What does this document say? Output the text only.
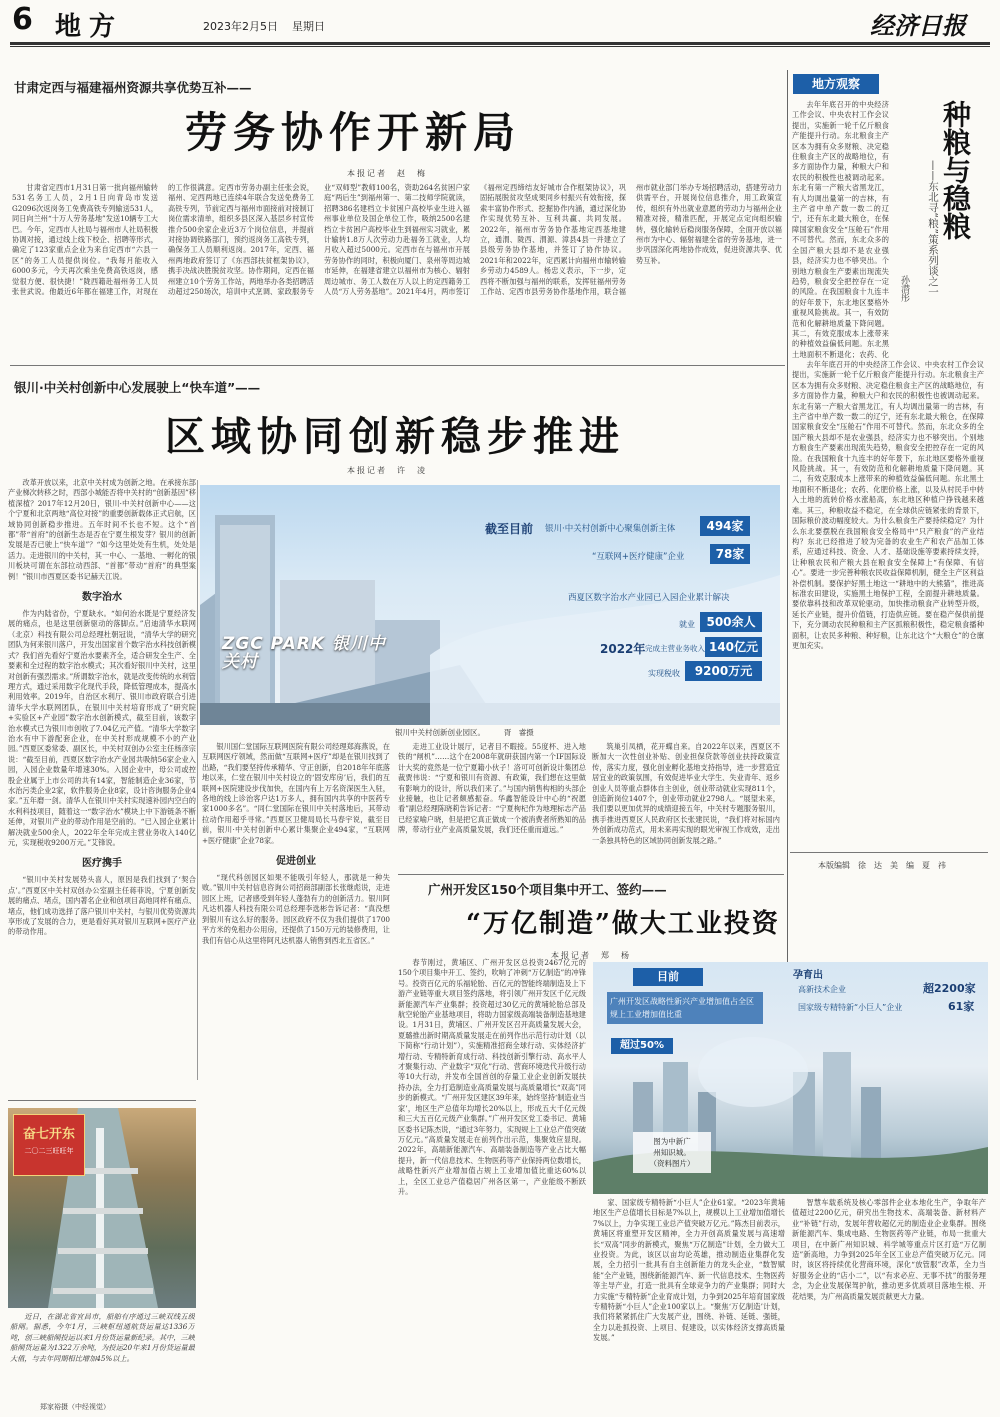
6 地方	2023年2月5日 星期日	经济日报
甘肃定西与福建福州资源共享优势互补——
劳务协作开新局
本报记者　赵　梅

甘肃省定西市1月31日第一批向福州输转531名务工人员，2月1日向青岛市发送G2096次返岗务工免费高铁专列输送531人，同日向兰州“十万人劳务基地”发送10辆专工大巴。今年，定西市人社局与福州市人社局积极协调对接，通过线上线下校企、招聘等形式，确定了123家重点企业为来自定西市“六县一区”的务工人员提供岗位。“我每月能收入6000多元，今天再次乘坐免费高铁返岗，感觉很方便、很快捷！”陇西籍赴福州务工人员张世武说。他最近6年都在福建工作，对现在的工作很满意。定西市劳务办副主任张会说，福州、定西两地已连续4年联合发送免费务工高铁专列，节前定西与福州市面接前对接制订岗位需求清单，组织多县区深入基层乡村宣传推介500余家企业近3万个岗位信息，并提前对接协调铁路部门，预约返岗务工高铁专列，确保务工人员顺利返岗。2017年，定西、福州两地政府签订了《东西部扶贫框架协议》，携手决战决胜脱贫攻坚。协作期间，定西在福州建立10个劳务工作站，两地举办各类招聘活动超过250场次，培训中式烹调、家政服务专业“双师型”教师100名，资助264名贫困户家庭“两后生”到福州第一、第二技师学院就读，招聘386名建档立卡贫困户高校毕业生进入福州事业单位及国企单位工作，吸纳2500名建档立卡贫困户高校毕业生到福州实习就业，累计输转1.8万人次劳动力赴福务工就业，人均月收入超过5000元。定西市在与福州市开展劳务协作的同时，积极向厦门、泉州等周边城市延伸，在福建省建立以福州市为核心、辐射周边城市、务工人数在万人以上的定西籍务工人员“万人劳务基地”。2021年4月，两市签订《福州定西缔结友好城市合作框架协议》，巩固拓展脱贫攻坚成果同乡村振兴有效衔接，探索丰富协作形式、挖掘协作内涵，通过深化协作实现优势互补、互利共赢、共同发展。2022年，福州市劳务协作基地定西基地建立，通渭、陇西、渭源、漳县4县一并建立了县级劳务协作基地，并签订了协作协议。2021年和2022年，定西累计向福州市输转输乡劳动力4589人。杨忠义表示，下一步，定西将不断加强与福州的联系，发挥驻福州劳务工作站、定西市县劳务协作基地作用，联合福州市就业部门举办专场招聘活动，搭建劳动力供需平台，开展岗位信息推介，用工政策宣传，组织有外出就业意愿的劳动力与福州企业精准对接，精准匹配，开展定点定向组织输转，强化输转后稳岗服务保障，全面开放以福州市为中心、辐射福建全省的劳务基地，进一步巩固深化两地协作成效，促进资源共享、优势互补。

银川·中关村创新中心发展驶上“快车道”——
区域协同创新稳步推进
本报记者　许　凌

改革开放以来，北京中关村成为创新之地。在承接东部产业梯次转移之时，西部小城能否将中关村的“创新基因”移植深植？2017年12月20日，银川·中关村创新中心——这个宁夏和北京两地“高位对接”的重要创新载体正式启航，区域协同创新稳步推进。五年时间不长也不短。这个“首都”带“首府”的创新生态是否在宁夏生根发芽？银川的创新发展是否已驶上“快车道”？“如今这里处处有生机，处处是活力。走进银川的中关村，其一中心、一基地、一孵化的银川板块可谓在东部拉动西部、“首都”带动“首府”的典型案例！”银川市西夏区委书记赫天江说。

数字治水

作为内陆省份，宁夏缺水。“如何治水既是宁夏经济发展的痛点，也是这里创新驱动的落脚点。”启迪清华水联网（北京）科技有限公司总经理杜朝冠说，“清华大学的研究团队为何来银川落户，开发出国家首个数字治水科技创新模式？我们首先看好宁夏治水要素齐全，适合研发全生产、全要素和全过程的数字治水模式；其次看好银川中关村，这里对创新有强烈需求。”所谓数字治水，就是改变传统的水利管理方式，通过采用数字化现代手段，降低管理成本，提高水利用效率。2019年，自治区水利厅、银川市政府联合引进清华大学水联网团队，在银川中关村培育形成了“研究院+实验区+产业园”数字治水创新模式，截至目前，该数字治水模式已为银川市创收了7.04亿元产值。“清华大学数字治水有中下游配套企业，在中关村形成规模不小的产业园。”西夏区委常委、副区长，中关村双创办公室主任杨彦宗说：“截至目前，西夏区数字治水产业园共吸纳56家企业入园，入园企业数量年增速30%。入园企业中，母公司或控股企业属于上市公司的共有14家，智能制造企业36家，节水治污类企业2家，软件服务企业8家，设计咨询服务企业4家。”五年磨一剑。清华人在银川中关村实现速补园内空白的水利科技项目，随着这一“数字治水”模块上中下游链条不断延伸，对银川产业的带动作用是空前的。“已入园企业累计解决就业500余人，2022年全年完成主营业务收入140亿元，实现税收9200万元。”艾锋说。

医疗携手

“银川中关村发展势头喜人，原因是我们找到了‘契合点’。”西夏区中关村双创办公室副主任蒋菲说，宁夏创新发展的痛点、堵点，国内著名企业和创项目高地同样有痛点、堵点，他们成功选择了落户银川中关村，与银川优势资源共享形成了发展的合力，更是看好其对银川互联网+医疗产业的带动作用。

ZGC PARK 银川中关村
截至目前 银川·中关村创新中心聚集创新主体	494家
“互联网+医疗健康”企业	78家
西夏区数字治水产业园已入园企业累计解决
就业 500余人
2022年 完成主营业务收入 140亿元
实现税收	9200万元
银川中关村创新创业园区。　　　胥　睿摄

银川国仁堂国际互联网医院有限公司经理郑海燕说，在互联网医疗领域，然而做“互联网+医疗”却是在银川找到了出路，“我们要坚持传承精华、守正创新，自2018年年底落地以来，仁堂在银川中关村设立的‘固安库房’后，我们的互联网+医院建设步伐加快，在国内有上万名资深医生入驻，各地的线上诊治客户达1万多人，拥有国内共享的中医药专家1000多名”。“同仁堂国际在银川中关村落地后，其带动拉动作用超乎寻常。”西夏区卫健局局长马春宇说，截至目前，银川·中关村创新中心累计集聚企业494家，“互联网+医疗健康”企业78家。

促进创业

“现代科创园区如果不能吸引年轻人，那就是一种失败。”银川中关村信息咨询公司招商部副部长张继彪说，走进园区上班，记者感受到年轻人蓬勃有力的创新活力。银川阿凡达机器人科技有限公司总经理李选彬告诉记者：“真没想到银川有这么好的服务。园区政府不仅为我们提供了1700平方米的免租办公用房，还提供了150万元的装修费用，让我们有信心从这里将阿凡达机器人销售到西北五省区。”

走进工业设计展厅，记者目不暇接。55度杯、进入地铁的“闸机”……这个在2008年就研获国内第一个IF国际设计大奖的竟然是一位宁夏籍小伙子！洛可可创新设计集团总裁贾伟说：“宁夏和银川有资源、有政策，我们想在这里做有影响力的设计，所以我们来了。”与国内销售构相的头部企业接触，也让记者颇感振奋。华鑫智能设计中心的“祝愿看”副总经理陈晓莉告诉记者：“宁夏枸杞作为地理标志产品已经家喻户晓，但是把它真正做成一个被消费者所熟知的品牌，带动行业产业高质量发展，我们还任重而道远。”

筑巢引凤栖，花开蝶自来。自2022年以来，西夏区不断加大一次性创业补贴、创业担保贷款等创业扶持政策宣传，落实力度，强化创业孵化基地支持指导，进一步营造宜居宜业的政策氛围，有效促进毕业大学生、失业青年、返乡创业人员等重点群体自主创业，创业带动就业实现811个，创造新岗位1407个，创业带动就业2798人。“展望未来，我们要以更加优异的成绩迎接五年，中关村专题服务银川，携手推进西夏区人民政府区长张建民说，“我们将对标国内外创新成功范式，用未来再实现的眼光审视工作成效，走出一条独具特色的区域协同创新发展之路。”

地方观察
种粮与稳粮
——东北寻“粮”策系列谈之一
孙潜彤

去年年底召开的中央经济工作会议、中央农村工作会议提出，实施新一轮千亿斤粮食产能提升行动。东北粮食主产区本为拥有众多财粮、决定稳住粮食主产区的战略地位，有多方面协作力量，种粮大户和农民的积极性也被调动起来。东北有第一产粮大省黑龙江，有人均调出量第一的吉林，有主产省中单产数一数二的辽宁，还有东北最大粮仓，在保障国家粮食安全“压舱石”作用不可替代。然而，东北众多的全国产粮大县却不是农业强县，经济实力也不够突出。个别地方粮食生产要素出现流失趋势，粮食安全把控存在一定的风险。在我国粮食十九连丰的好年景下，东北地区要格外重视风险挑战。其一，有效防范和化解耕地质量下降问题。其二，有效克服成本上涨带来的种植效益偏低问题。东北黑土地面积不断退化；农药、化

去年年底召开的中央经济工作会议、中央农村工作会议提出，实施新一轮千亿斤粮食产能提升行动。东北粮食主产区本为拥有众多财粮、决定稳住粮食主产区的战略地位，有多方面协作力量，种粮大户和农民的积极性也被调动起来。东北有第一产粮大省黑龙江，有人均调出量第一的吉林，有主产省中单产数一数二的辽宁，还有东北最大粮仓，在保障国家粮食安全“压舱石”作用不可替代。然而，东北众多的全国产粮大县却不是农业强县，经济实力也不够突出。个别地方粮食生产要素出现流失趋势，粮食安全把控存在一定的风险。在我国粮食十九连丰的好年景下，东北地区要格外重视风险挑战。其一，有效防范和化解耕地质量下降问题。其二，有效克服成本上涨带来的种植效益偏低问题。东北黑土地面积不断退化；农药、化肥价格上涨，以及从村民手中转入土地的流转价格水涨船高，东北地区种植户挣钱越来越难。其三，种粮收益不稳定，在全球供应链紧张的背景下，国际粮价波动幅度较大。为什么粮食生产要持续稳定？为什么东北要摆脱在我国粮食安全格局中“只产粮食”的产业结构？东北已经推进了较为完备的农业生产和农产品加工体系，应通过科技、资金、人才、基础设施等要素持续支持，让种粮农民和产粮大县在粮食安全保障上“有保障、有信心”。要进一步完善种粮农民收益保障机制，健全主产区利益补偿机制。要保护好黑土地这一“耕地中的大熊猫”，推进高标准农田建设，实施黑土地保护工程，全面提升耕地质量。要依靠科技和改革双轮驱动，加快推动粮食产业转型升级，延长产业链，提升价值链，打造供应链。要在稳产保供前提下，充分调动农民种粮和主产区抓粮积极性，稳定粮食播种面积，让农民多种粮、种好粮，让东北这个“大粮仓”的仓廪更加充实。

本版编辑　徐　达　美　编　夏　祎
奋七开东
二〇二三旺旺年

近日，在湖北省宜昌市，船舶有序通过三峡双线五级船闸。据悉，今年1月，三峡枢纽通航货运量达1336万吨，创三峡船闸投运以来1月份货运量新纪录。其中，三峡船闸货运量为1322万余吨，为投运20年来1月份货运量最大值，与去年同期相比增加45%以上。

郑家裕摄（中经视觉）
广州开发区150个项目集中开工、签约——
“万亿制造”做大工业投资
本报记者　郑　杨

春节刚过，黄埔区、广州开发区总投资2467亿元的150个项目集中开工、签约，吹响了冲刺“万亿制造”的冲锋号。投资百亿元的乐福轮胎、百亿元的智能终端制造及上下游产业链等重大项目签约落地，将引领广州开发区千亿元级新能源汽车产业集群；投资超过30亿元的黄埔轮胎总部及航空轮胎产业基地项目，将助力国家级高端装备制造基地建设。1月31日，黄埔区、广州开发区召开高质量发展大会，夏璐推出新时期高质量发展走在前列作出示范行动计划（以下简称“行动计划”），实施精准招商全球行动、实体经济扩增行动、专精特新育成行动、科技创新引擎行动、高水平人才聚集行动、产业数字“双化”行动、营商环境迭代升级行动等10大行动，并发布全国首创的存量工业企业创新发展扶持办法，全力打造制造业高质量发展与高质量增长“双高”同步的新模式。“广州开发区建区39年来，始终坚持‘制造业当家’，地区生产总值年均增长20%以上，形成五大千亿元级和三大五百亿元级产业集群。”广州开发区党工委书记、黄埔区委书记陈杰说，“通过3年努力，实现规上工业总产值突破万亿元。”高质量发展走在前列作出示范，集聚效应显现。2022年，高端新能源汽车、高端装备制造等产业占比大幅提升，新一代信息技术、生物医药等产业保持两位数增长，战略性新兴产业增加值占规上工业增加值比重达60%以上，全区工业总产值稳居广州各区第一，产业能级不断跃升。

目前
广州开发区战略性新兴产业增加值占全区规上工业增加值比重
超过50%
孕育出
高新技术企业	超2200家
国家级专精特新“小巨人”企业	61家
图为中新广
州知识城。
（资料图片）

家、国家级专精特新“小巨人”企业61家。“2023年黄埔地区生产总值增长目标是7%以上，规模以上工业增加值增长7%以上，力争实现工业总产值突破万亿元。”陈杰目前表示，黄埔区将重塑开发区精神，全力开创高质量发展与高速增长“双高”同步的新模式，聚焦“万亿制造”计划，全力做大工业投资。为此，该区以亩均论英雄，推动制造业集群化发展，全力招引一批具有自主创新能力的龙头企业，“数智赋能”全产业链，围绕新能源汽车、新一代信息技术、生物医药等主导产业，打造一批具有全球竞争力的产业集群；同时大力实施“专精特新”企业育成计划，力争到2025年培育国家级专精特新“小巨人”企业100家以上。“聚焦‘万亿制造’计划，我们将紧紧抓住广大发展产业，围绕、补链、延链、强链，全力以赴抓投资、上项目、促建设，以实体经济支撑高质量发展。”

智慧车载系统及核心零部件企业本地化生产，争取年产值超过2200亿元，研究出生物技术、高端装备、新材料产业“补链”行动，发展年营收超亿元的制造业企业集群。围绕新能源汽车、集成电路、生物医药等产业链，布局一批重大项目，在中新广州知识城、科学城等重点片区打造“万亿制造”新高地，力争到2025年全区工业总产值突破万亿元。同时，该区将持续优化营商环境，深化“放管服”改革，全力当好服务企业的“店小二”，以“有求必应、无事不扰”的服务理念，为企业发展保驾护航，推动更多优质项目落地生根、开花结果，为广州高质量发展贡献更大力量。
